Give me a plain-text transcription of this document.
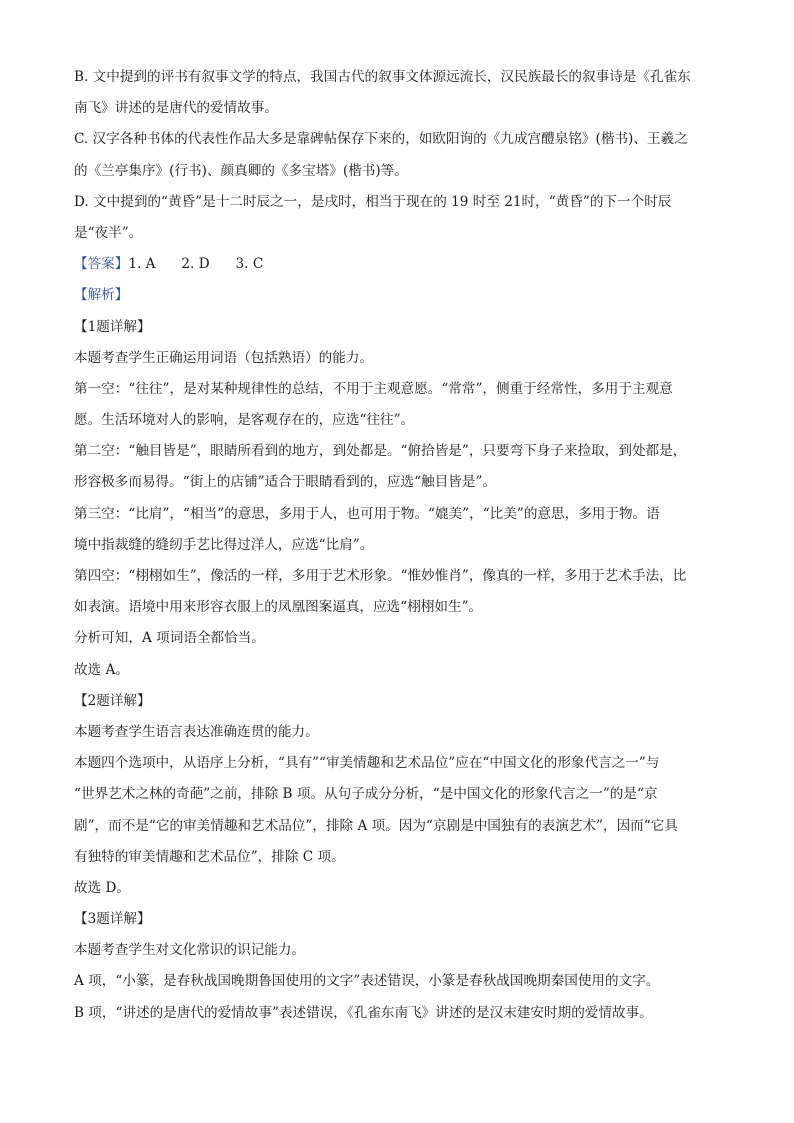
B. 文中提到的评书有叙事文学的特点，我国古代的叙事文体源远流长，汉民族最长的叙事诗是《孔雀东
南飞》讲述的是唐代的爱情故事。
C. 汉字各种书体的代表性作品大多是靠碑帖保存下来的，如欧阳询的《九成宫醴泉铭》(楷书)、王羲之
的《兰亭集序》(行书)、颜真卿的《多宝塔》(楷书)等。
D. 文中提到的“黄昏”是十二时辰之一，是戌时，相当于现在的 19 时至 21时，“黄昏”的下一个时辰
是“夜半”。
【答案】1. A      2. D      3. C
【解析】
【1题详解】
本题考查学生正确运用词语（包括熟语）的能力。
第一空：“往往”，是对某种规律性的总结，不用于主观意愿。“常常”，侧重于经常性，多用于主观意
愿。生活环境对人的影响，是客观存在的，应选“往往”。
第二空：“触目皆是”，眼睛所看到的地方，到处都是。“俯拾皆是”，只要弯下身子来捡取，到处都是，
形容极多而易得。“街上的店铺”适合于眼睛看到的，应选“触目皆是”。
第三空：“比肩”，“相当”的意思，多用于人，也可用于物。“媲美”，“比美”的意思，多用于物。语
境中指裁缝的缝纫手艺比得过洋人，应选“比肩”。
第四空：“栩栩如生”，像活的一样，多用于艺术形象。“惟妙惟肖”，像真的一样，多用于艺术手法，比
如表演。语境中用来形容衣服上的凤凰图案逼真，应选“栩栩如生”。
分析可知，A 项词语全都恰当。
故选 A。
【2题详解】
本题考查学生语言表达准确连贯的能力。
本题四个选项中，从语序上分析，“具有”“审美情趣和艺术品位”应在“中国文化的形象代言之一”与
“世界艺术之林的奇葩”之前，排除 B 项。从句子成分分析，“是中国文化的形象代言之一”的是“京
剧”，而不是“它的审美情趣和艺术品位”，排除 A 项。因为“京剧是中国独有的表演艺术”，因而“它具
有独特的审美情趣和艺术品位”，排除 C 项。
故选 D。
【3题详解】
本题考查学生对文化常识的识记能力。
A 项，“小篆，是春秋战国晚期鲁国使用的文字”表述错误，小篆是春秋战国晚期秦国使用的文字。
B 项，“讲述的是唐代的爱情故事”表述错误，《孔雀东南飞》讲述的是汉末建安时期的爱情故事。
